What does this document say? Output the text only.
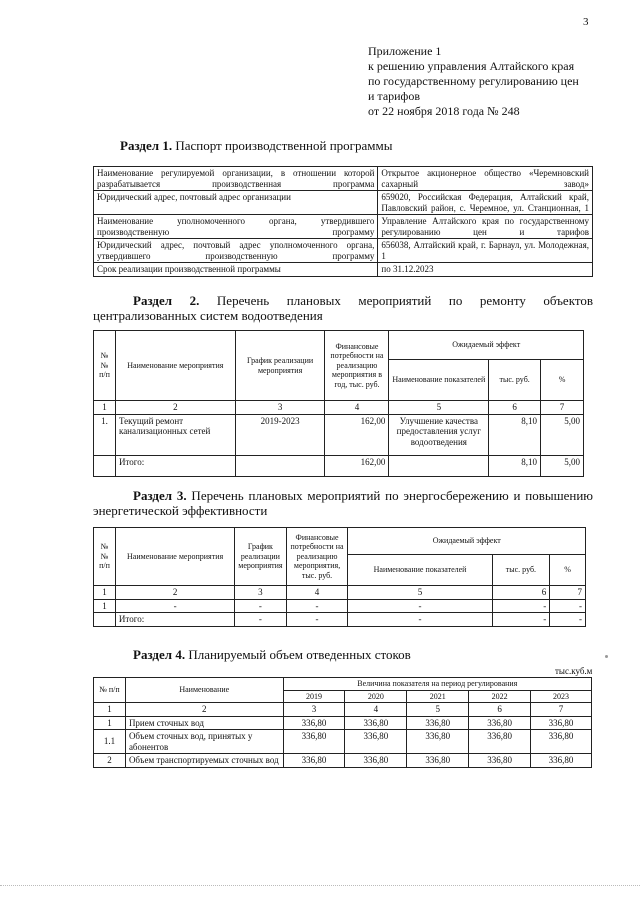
3
Приложение 1
к решению управления Алтайского края
по государственному регулированию цен
и тарифов
от 22 ноября 2018 года № 248
Раздел 1. Паспорт производственной программы
Наименование регулируемой организации, в отношении которой разрабатывается производственная программа	Открытое акционерное общество «Черемновский сахарный завод»
Юридический адрес, почтовый адрес организации	659020, Российская Федерация, Алтайский край, Павловский район, с. Черемное, ул. Станционная, 1
Наименование уполномоченного органа, утвердившего производственную программу	Управление Алтайского края по государственному регулированию цен и тарифов
Юридический адрес, почтовый адрес уполномоченного органа, утвердившего производственную программу	656038, Алтайский край, г. Барнаул, ул. Молодежная, 1
Срок реализации производственной программы	по 31.12.2023
Раздел 2. Перечень плановых мероприятий по ремонту объектов централизованных систем водоотведения
№№ п/п	Наименование мероприятия	График реализации мероприятия	Финансовые потребности на реализацию мероприятия в год, тыс. руб.	Ожидаемый эффект		
				Наименование показателей	тыс. руб.	%
1	2	3	4	5	6	7
1.	Текущий ремонт канализационных сетей	2019-2023	162,00	Улучшение качества предоставления услуг водоотведения	8,10	5,00
	Итого:		162,00		8,10	5,00
Раздел 3. Перечень плановых мероприятий по энергосбережению и повышению энергетической эффективности
№№ п/п	Наименование мероприятия	График реализации мероприятия	Финансовые потребности на реализацию мероприятия, тыс. руб.	Ожидаемый эффект		
				Наименование показателей	тыс. руб.	%
1	2	3	4	5	6	7
1	-	-	-	-	-	-
	Итого:	-	-	-	-	-
Раздел 4. Планируемый объем отведенных стоков
тыс.куб.м
№ п/п	Наименование	Величина показателя на период регулирования				
		2019	2020	2021	2022	2023
1	2	3	4	5	6	7
1	Прием сточных вод	336,80	336,80	336,80	336,80	336,80
1.1	Объем сточных вод, принятых у абонентов	336,80	336,80	336,80	336,80	336,80
2	Объем транспортируемых сточных вод	336,80	336,80	336,80	336,80	336,80
